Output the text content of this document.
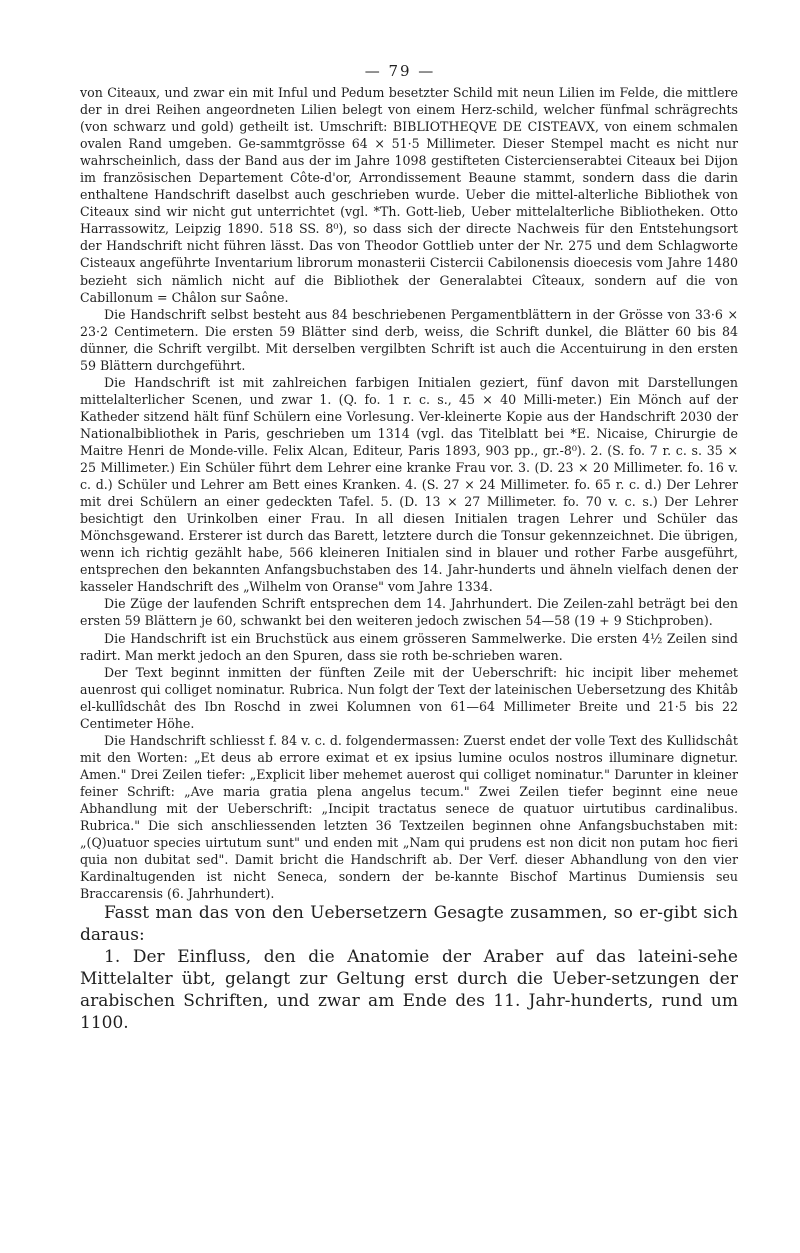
— 79 —

von Citeaux, und zwar ein mit Inful und Pedum besetzter Schild mit neun Lilien im Felde, die mittlere der in drei Reihen angeordneten Lilien belegt von einem Herz-schild, welcher fünfmal schrägrechts (von schwarz und gold) getheilt ist. Umschrift: BIBLIOTHEQVE DE CISTEAVX, von einem schmalen ovalen Rand umgeben. Ge-sammtgrösse 64 × 51·5 Millimeter. Dieser Stempel macht es nicht nur wahrscheinlich, dass der Band aus der im Jahre 1098 gestifteten Cistercienserabtei Citeaux bei Dijon im französischen Departement Côte-d'or, Arrondissement Beaune stammt, sondern dass die darin enthaltene Handschrift daselbst auch geschrieben wurde. Ueber die mittel-alterliche Bibliothek von Citeaux sind wir nicht gut unterrichtet (vgl. *Th. Gott-lieb, Ueber mittelalterliche Bibliotheken. Otto Harrassowitz, Leipzig 1890. 518 SS. 8⁰), so dass sich der directe Nachweis für den Entstehungsort der Handschrift nicht führen lässt. Das von Theodor Gottlieb unter der Nr. 275 und dem Schlagworte Cisteaux angeführte Inventarium librorum monasterii Cistercii Cabilonensis dioecesis vom Jahre 1480 bezieht sich nämlich nicht auf die Bibliothek der Generalabtei Cîteaux, sondern auf die von Cabillonum = Châlon sur Saône.

Die Handschrift selbst besteht aus 84 beschriebenen Pergamentblättern in der Grösse von 33·6 × 23·2 Centimetern. Die ersten 59 Blätter sind derb, weiss, die Schrift dunkel, die Blätter 60 bis 84 dünner, die Schrift vergilbt. Mit derselben vergilbten Schrift ist auch die Accentuirung in den ersten 59 Blättern durchgeführt.

Die Handschrift ist mit zahlreichen farbigen Initialen geziert, fünf davon mit Darstellungen mittelalterlicher Scenen, und zwar 1. (Q. fo. 1 r. c. s., 45 × 40 Milli-meter.) Ein Mönch auf der Katheder sitzend hält fünf Schülern eine Vorlesung. Ver-kleinerte Kopie aus der Handschrift 2030 der Nationalbibliothek in Paris, geschrieben um 1314 (vgl. das Titelblatt bei *E. Nicaise, Chirurgie de Maitre Henri de Monde-ville. Felix Alcan, Editeur, Paris 1893, 903 pp., gr.-8⁰). 2. (S. fo. 7 r. c. s. 35 × 25 Millimeter.) Ein Schüler führt dem Lehrer eine kranke Frau vor. 3. (D. 23 × 20 Millimeter. fo. 16 v. c. d.) Schüler und Lehrer am Bett eines Kranken. 4. (S. 27 × 24 Millimeter. fo. 65 r. c. d.) Der Lehrer mit drei Schülern an einer gedeckten Tafel. 5. (D. 13 × 27 Millimeter. fo. 70 v. c. s.) Der Lehrer besichtigt den Urinkolben einer Frau. In all diesen Initialen tragen Lehrer und Schüler das Mönchsgewand. Ersterer ist durch das Barett, letztere durch die Tonsur gekennzeichnet. Die übrigen, wenn ich richtig gezählt habe, 566 kleineren Initialen sind in blauer und rother Farbe ausgeführt, entsprechen den bekannten Anfangsbuchstaben des 14. Jahr-hunderts und ähneln vielfach denen der kasseler Handschrift des „Wilhelm von Oranse" vom Jahre 1334.

Die Züge der laufenden Schrift entsprechen dem 14. Jahrhundert. Die Zeilen-zahl beträgt bei den ersten 59 Blättern je 60, schwankt bei den weiteren jedoch zwischen 54—58 (19 + 9 Stichproben).

Die Handschrift ist ein Bruchstück aus einem grösseren Sammelwerke. Die ersten 4½ Zeilen sind radirt. Man merkt jedoch an den Spuren, dass sie roth be-schrieben waren.

Der Text beginnt inmitten der fünften Zeile mit der Ueberschrift: hic incipit liber mehemet auenrost qui colliget nominatur. Rubrica. Nun folgt der Text der lateinischen Uebersetzung des Khitâb el-kullîdschât des Ibn Roschd in zwei Kolumnen von 61—64 Millimeter Breite und 21·5 bis 22 Centimeter Höhe.

Die Handschrift schliesst f. 84 v. c. d. folgendermassen: Zuerst endet der volle Text des Kullidschât mit den Worten: „Et deus ab errore eximat et ex ipsius lumine oculos nostros illuminare dignetur. Amen." Drei Zeilen tiefer: „Explicit liber mehemet auerost qui colliget nominatur." Darunter in kleiner feiner Schrift: „Ave maria gratia plena angelus tecum." Zwei Zeilen tiefer beginnt eine neue Abhandlung mit der Ueberschrift: „Incipit tractatus senece de quatuor uirtutibus cardinalibus. Rubrica." Die sich anschliessenden letzten 36 Textzeilen beginnen ohne Anfangsbuchstaben mit: „(Q)uatuor species uirtutum sunt" und enden mit „Nam qui prudens est non dicit non putam hoc fieri quia non dubitat sed". Damit bricht die Handschrift ab. Der Verf. dieser Abhandlung von den vier Kardinaltugenden ist nicht Seneca, sondern der be-kannte Bischof Martinus Dumiensis seu Braccarensis (6. Jahrhundert).

Fasst man das von den Uebersetzern Gesagte zusammen, so er-gibt sich daraus:

1. Der Einfluss, den die Anatomie der Araber auf das lateini-sehe Mittelalter übt, gelangt zur Geltung erst durch die Ueber-setzungen der arabischen Schriften, und zwar am Ende des 11. Jahr-hunderts, rund um 1100.
